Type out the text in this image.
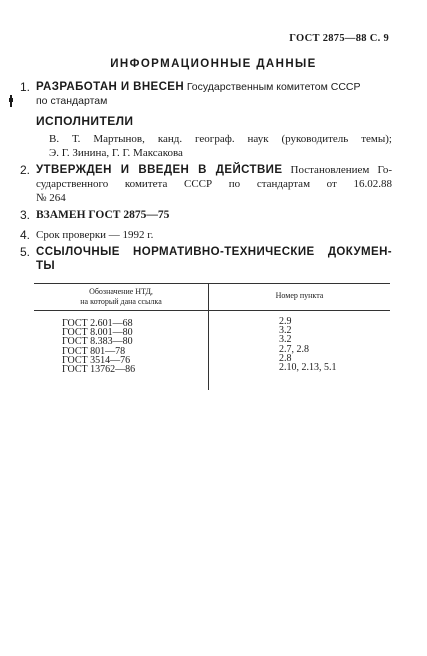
ГОСТ 2875—88 С. 9
ИНФОРМАЦИОННЫЕ ДАННЫЕ
1. РАЗРАБОТАН И ВНЕСЕН Государственным комитетом СССР
по стандартам
ИСПОЛНИТЕЛИ
В. Т. Мартынов, канд. географ. наук (руководитель темы);
Э. Г. Зинина, Г. Г. Максакова
2. УТВЕРЖДЕН И ВВЕДЕН В ДЕЙСТВИЕ Постановлением Го-
сударственного комитета СССР по стандартам от 16.02.88
№ 264
3. ВЗАМЕН ГОСТ 2875—75
4. Срок проверки — 1992 г.
5. ССЫЛОЧНЫЕ НОРМАТИВНО-ТЕХНИЧЕСКИЕ ДОКУМЕН-
ТЫ
Обозначение НТД,
на который дана ссылка
Номер пункта
ГОСТ 2.601—68
ГОСТ 8.001—80
ГОСТ 8.383—80
ГОСТ 801—78
ГОСТ 3514—76
ГОСТ 13762—86
2.9
3.2
3.2
2.7, 2.8
2.8
2.10, 2.13, 5.1
